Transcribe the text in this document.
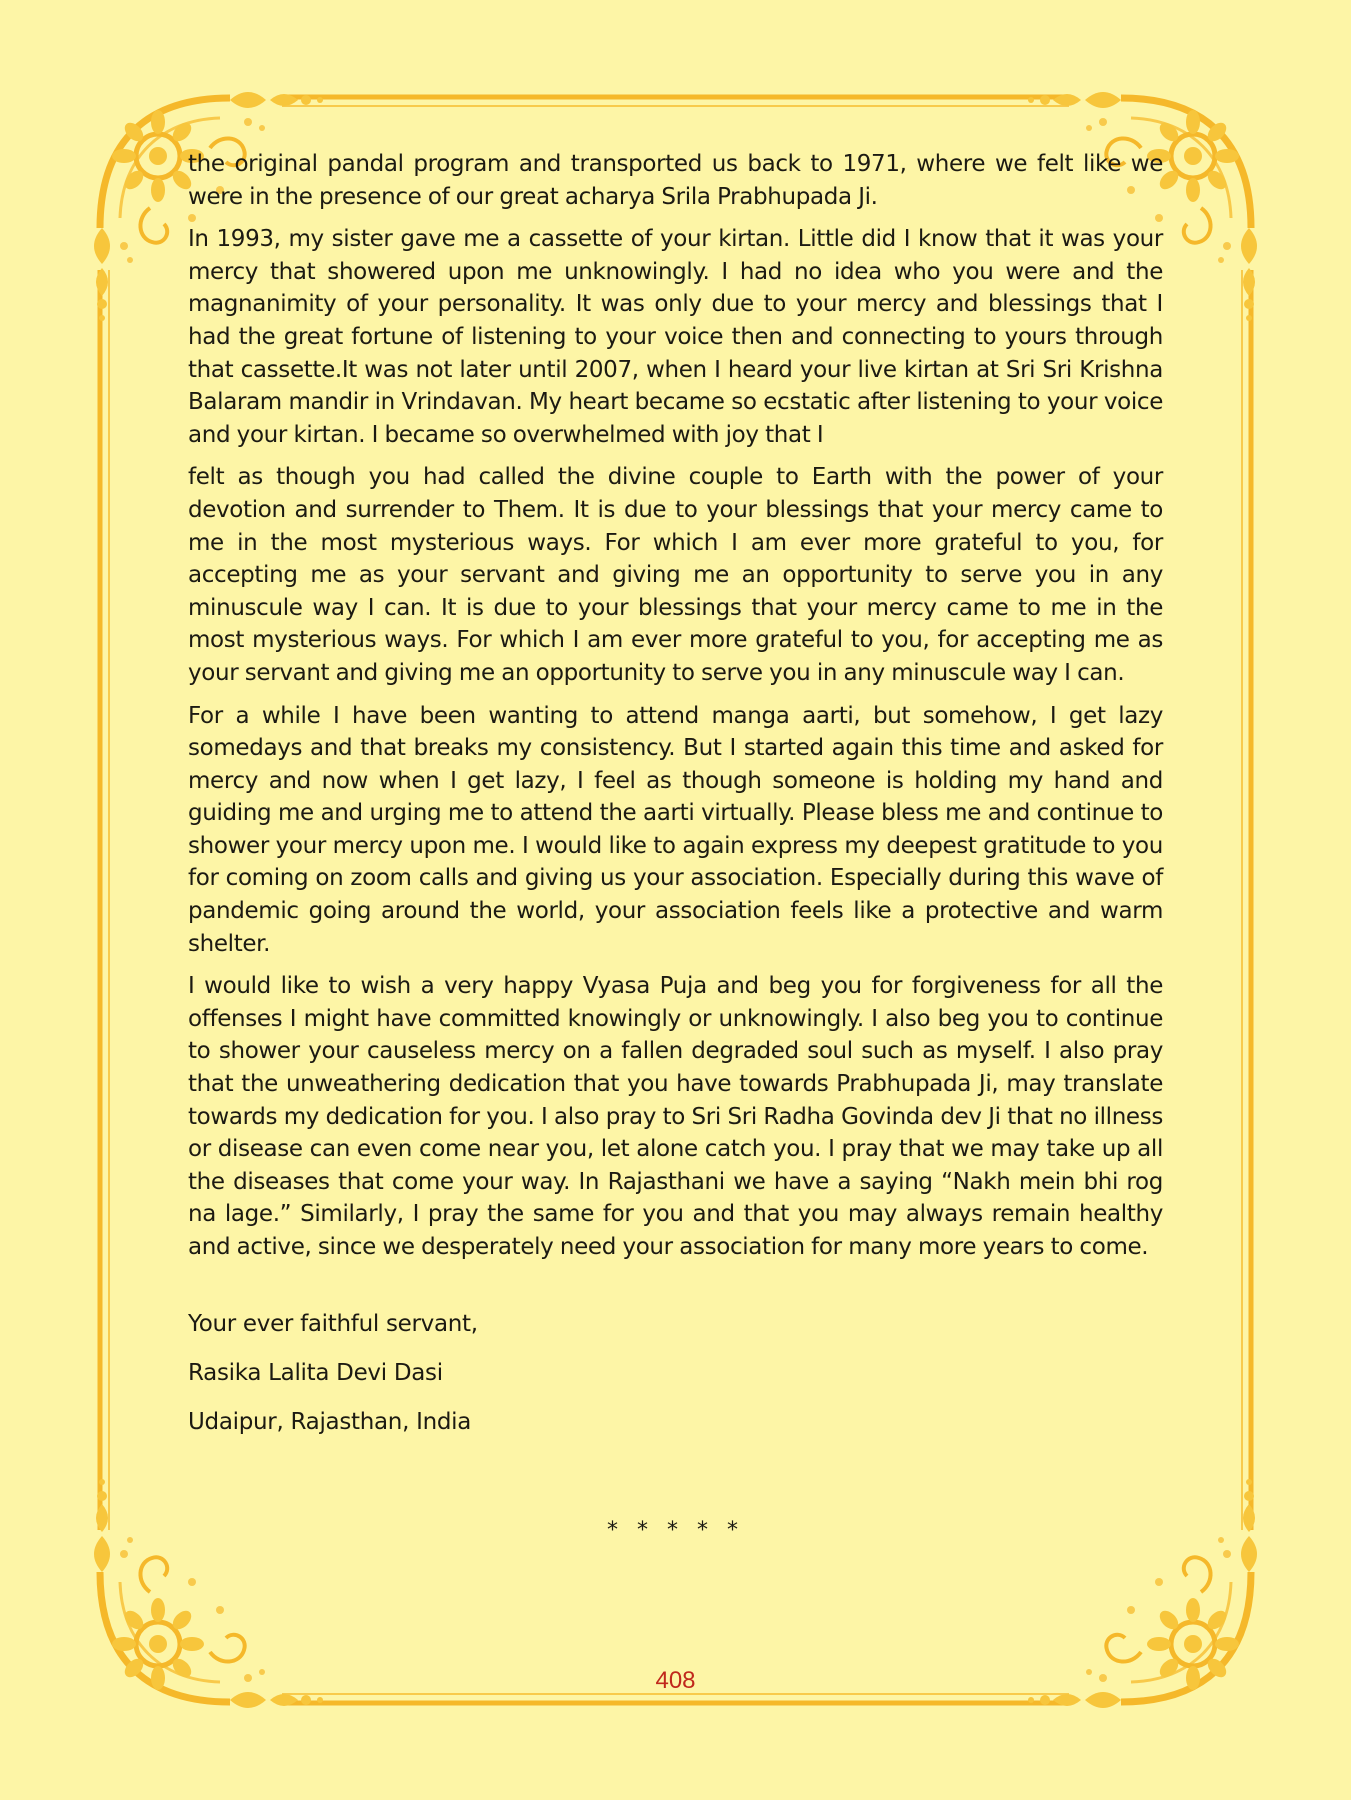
the original pandal program and transported us back to 1971, where we felt like we were in the presence of our great acharya Srila Prabhupada Ji.

In 1993, my sister gave me a cassette of your kirtan. Little did I know that it was your mercy that showered upon me unknowingly. I had no idea who you were and the magnanimity of your personality. It was only due to your mercy and blessings that I had the great fortune of listening to your voice then and connecting to yours through that cassette.It was not later until 2007, when I heard your live kirtan at Sri Sri Krishna Balaram mandir in Vrindavan. My heart became so ecstatic after listening to your voice and your kirtan. I became so overwhelmed with joy that I

felt as though you had called the divine couple to Earth with the power of your devotion and surrender to Them. It is due to your blessings that your mercy came to me in the most mysterious ways. For which I am ever more grateful to you, for accepting me as your servant and giving me an opportunity to serve you in any minuscule way I can. It is due to your blessings that your mercy came to me in the most mysterious ways. For which I am ever more grateful to you, for accepting me as your servant and giving me an opportunity to serve you in any minuscule way I can.

For a while I have been wanting to attend manga aarti, but somehow, I get lazy somedays and that breaks my consistency. But I started again this time and asked for mercy and now when I get lazy, I feel as though someone is holding my hand and guiding me and urging me to attend the aarti virtually. Please bless me and continue to shower your mercy upon me. I would like to again express my deepest gratitude to you for coming on zoom calls and giving us your association. Especially during this wave of pandemic going around the world, your association feels like a protective and warm shelter.

I would like to wish a very happy Vyasa Puja and beg you for forgiveness for all the offenses I might have committed knowingly or unknowingly. I also beg you to continue to shower your causeless mercy on a fallen degraded soul such as myself. I also pray that the unweathering dedication that you have towards Prabhupada Ji, may translate towards my dedication for you. I also pray to Sri Sri Radha Govinda dev Ji that no illness or disease can even come near you, let alone catch you. I pray that we may take up all the diseases that come your way. In Rajasthani we have a saying “Nakh mein bhi rog na lage.” Similarly, I pray the same for you and that you may always remain healthy and active, since we desperately need your association for many more years to come.

Your ever faithful servant,

Rasika Lalita Devi Dasi

Udaipur, Rajasthan, India

* * * * *
408
